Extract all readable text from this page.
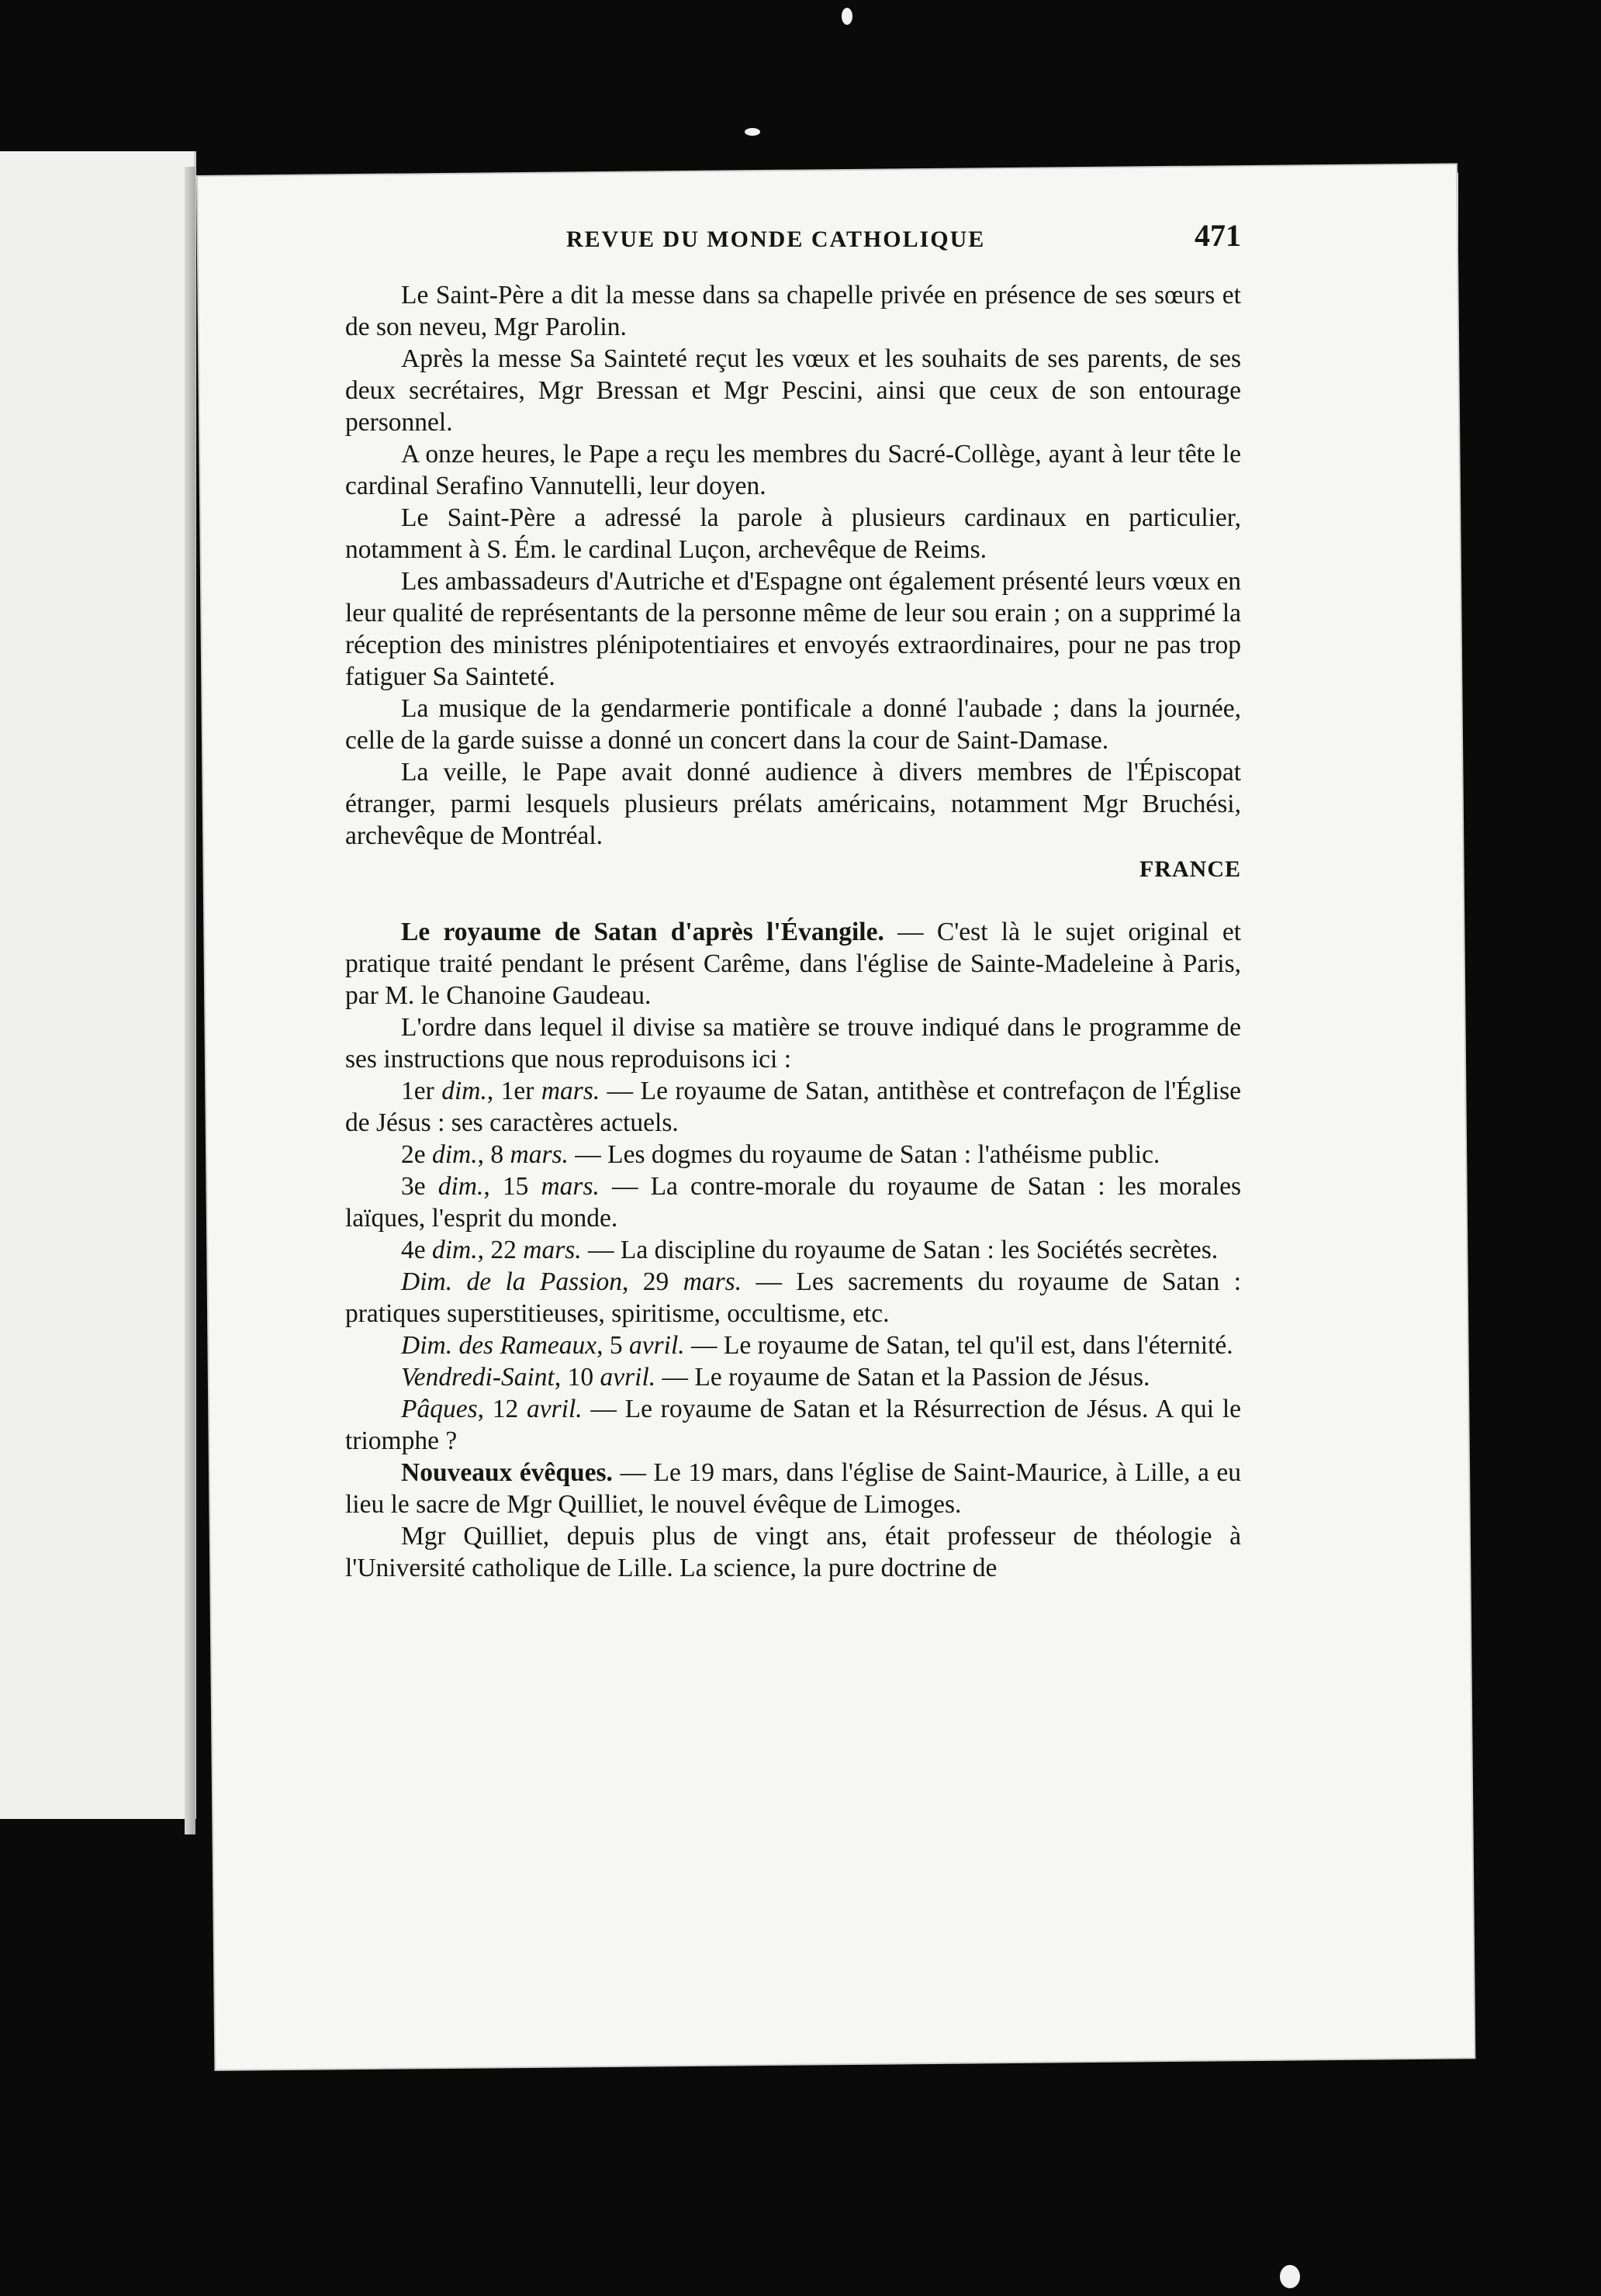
REVUE DU MONDE CATHOLIQUE	471

Le Saint-Père a dit la messe dans sa chapelle privée en présence de ses sœurs et de son neveu, Mgr Parolin.

Après la messe Sa Sainteté reçut les vœux et les souhaits de ses parents, de ses deux secrétaires, Mgr Bressan et Mgr Pescini, ainsi que ceux de son entourage personnel.

A onze heures, le Pape a reçu les membres du Sacré-Collège, ayant à leur tête le cardinal Serafino Vannutelli, leur doyen.

Le Saint-Père a adressé la parole à plusieurs cardinaux en particulier, notamment à S. Ém. le cardinal Luçon, archevêque de Reims.

Les ambassadeurs d'Autriche et d'Espagne ont également présenté leurs vœux en leur qualité de représentants de la personne même de leur sou erain ; on a supprimé la réception des ministres plénipotentiaires et envoyés extraordinaires, pour ne pas trop fatiguer Sa Sainteté.

La musique de la gendarmerie pontificale a donné l'aubade ; dans la journée, celle de la garde suisse a donné un concert dans la cour de Saint-Damase.

La veille, le Pape avait donné audience à divers membres de l'Épiscopat étranger, parmi lesquels plusieurs prélats américains, notamment Mgr Bruchési, archevêque de Montréal.

FRANCE

Le royaume de Satan d'après l'Évangile. — C'est là le sujet original et pratique traité pendant le présent Carême, dans l'église de Sainte-Madeleine à Paris, par M. le Chanoine Gaudeau.

L'ordre dans lequel il divise sa matière se trouve indiqué dans le programme de ses instructions que nous reproduisons ici :

1er dim., 1er mars. — Le royaume de Satan, antithèse et contrefaçon de l'Église de Jésus : ses caractères actuels.

2e dim., 8 mars. — Les dogmes du royaume de Satan : l'athéisme public.

3e dim., 15 mars. — La contre-morale du royaume de Satan : les morales laïques, l'esprit du monde.

4e dim., 22 mars. — La discipline du royaume de Satan : les Sociétés secrètes.

Dim. de la Passion, 29 mars. — Les sacrements du royaume de Satan : pratiques superstitieuses, spiritisme, occultisme, etc.

Dim. des Rameaux, 5 avril. — Le royaume de Satan, tel qu'il est, dans l'éternité.

Vendredi-Saint, 10 avril. — Le royaume de Satan et la Passion de Jésus.

Pâques, 12 avril. — Le royaume de Satan et la Résurrection de Jésus. A qui le triomphe ?

Nouveaux évêques. — Le 19 mars, dans l'église de Saint-Maurice, à Lille, a eu lieu le sacre de Mgr Quilliet, le nouvel évêque de Limoges.

Mgr Quilliet, depuis plus de vingt ans, était professeur de théologie à l'Université catholique de Lille. La science, la pure doctrine de
